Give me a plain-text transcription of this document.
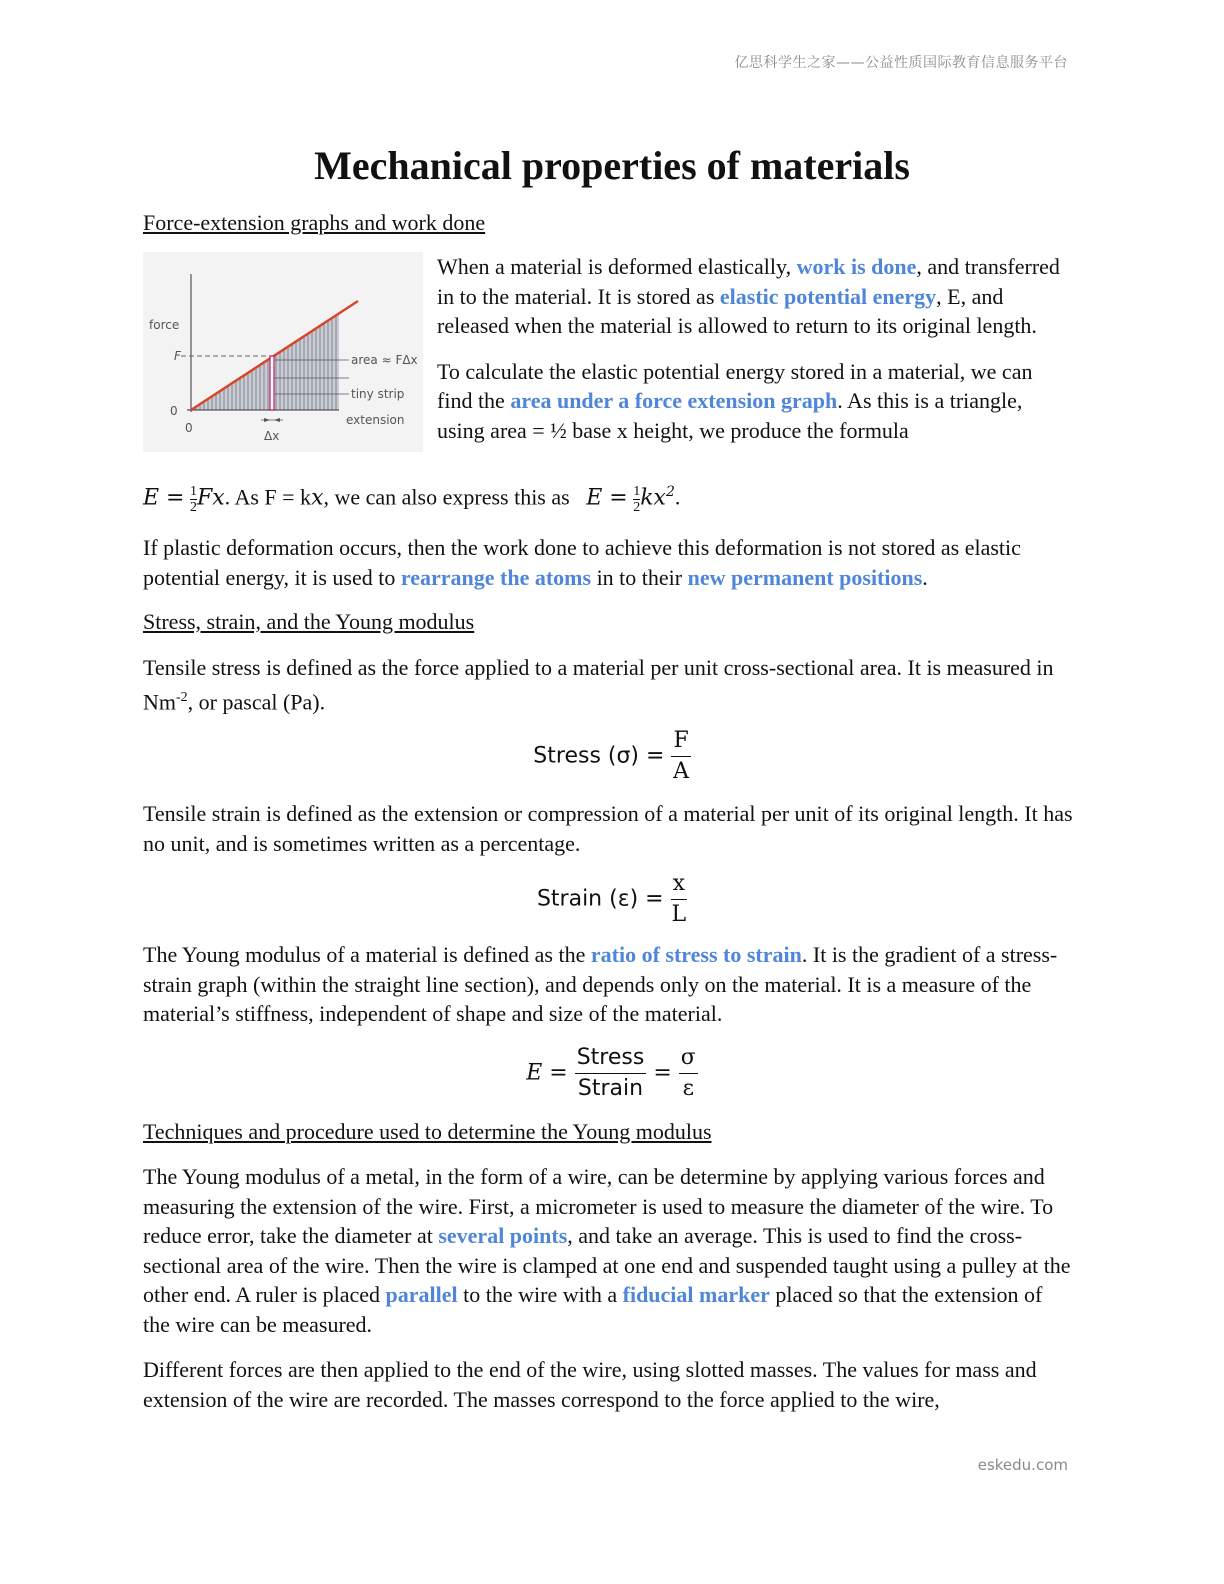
亿思科学生之家——公益性质国际教育信息服务平台
Mechanical properties of materials

Force-extension graphs and work done

force
F
0
0
area ≈ FΔx
tiny strip
extension
Δx

When a material is deformed elastically, work is done, and transferred in to the material. It is stored as elastic potential energy, E, and released when the material is allowed to return to its original length.

To calculate the elastic potential energy stored in a material, we can find the area under a force extension graph. As this is a triangle, using area = ½ base x height, we produce the formula

$E = \frac{1}{2} Fx$. As F = kx, we can also express this as $E = \frac{1}{2} kx^2$.

If plastic deformation occurs, then the work done to achieve this deformation is not stored as elastic potential energy, it is used to rearrange the atoms in to their new permanent positions.

Stress, strain, and the Young modulus

Tensile stress is defined as the force applied to a material per unit cross-sectional area. It is measured in $Nm^{-2}$, or pascal (Pa).

Stress $(\sigma) = \frac{F}{A}$

Tensile strain is defined as the extension or compression of a material per unit of its original length. It has no unit, and is sometimes written as a percentage.

Strain $(\varepsilon) = \frac{x}{L}$

The Young modulus of a material is defined as the ratio of stress to strain. It is the gradient of a stress-strain graph (within the straight line section), and depends only on the material. It is a measure of the material’s stiffness, independent of shape and size of the material.

$E = \frac{\text{Stress}}{\text{Strain}} = \frac{\sigma}{\varepsilon}$

Techniques and procedure used to determine the Young modulus

The Young modulus of a metal, in the form of a wire, can be determine by applying various forces and measuring the extension of the wire. First, a micrometer is used to measure the diameter of the wire. To reduce error, take the diameter at several points, and take an average. This is used to find the cross-sectional area of the wire. Then the wire is clamped at one end and suspended taught using a pulley at the other end. A ruler is placed parallel to the wire with a fiducial marker placed so that the extension of the wire can be measured.

Different forces are then applied to the end of the wire, using slotted masses. The values for mass and extension of the wire are recorded. The masses correspond to the force applied to the wire,

eskedu.com
